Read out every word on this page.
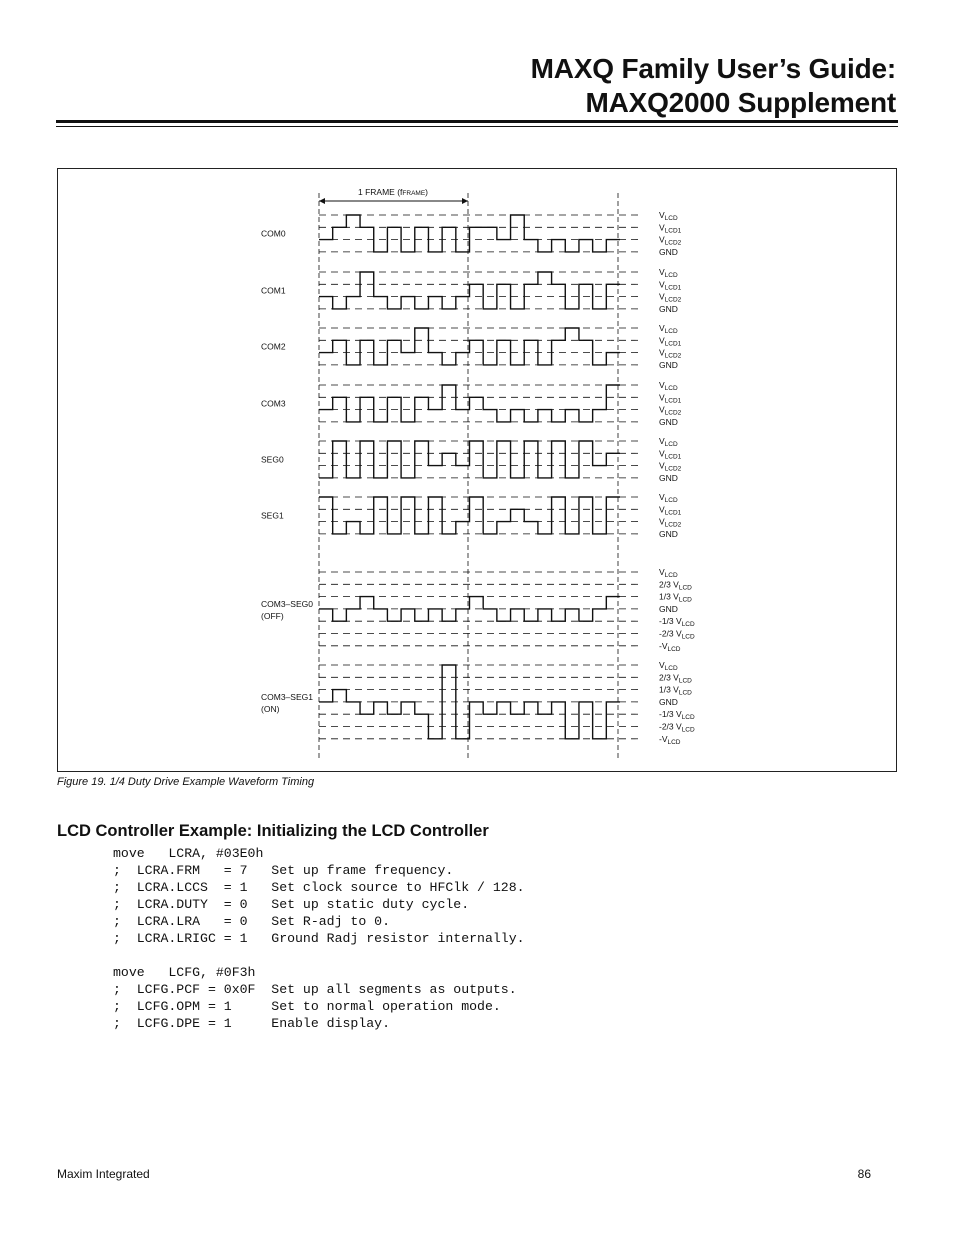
MAXQ Family User’s Guide:
MAXQ2000 Supplement
1 FRAME (fFRAME)
$V_{LCD}$
$V_{LCD1}$
$V_{LCD2}$
GND
COM0
$V_{LCD}$
$V_{LCD1}$
$V_{LCD2}$
GND
COM1
$V_{LCD}$
$V_{LCD1}$
$V_{LCD2}$
GND
COM2
$V_{LCD}$
$V_{LCD1}$
$V_{LCD2}$
GND
COM3
$V_{LCD}$
$V_{LCD1}$
$V_{LCD2}$
GND
SEG0
$V_{LCD}$
$V_{LCD1}$
$V_{LCD2}$
GND
SEG1
$V_{LCD}$
2/3 $V_{LCD}$
1/3 $V_{LCD}$
GND
-1/3 $V_{LCD}$
-2/3 $V_{LCD}$
$-V_{LCD}$
COM3–SEG0
(OFF)
$V_{LCD}$
2/3 $V_{LCD}$
1/3 $V_{LCD}$
GND
-1/3 $V_{LCD}$
-2/3 $V_{LCD}$
$-V_{LCD}$
COM3–SEG1
(ON)
Figure 19. 1/4 Duty Drive Example Waveform Timing
LCD Controller Example: Initializing the LCD Controller
move   LCRA, #03E0h
;  LCRA.FRM   = 7   Set up frame frequency.
;  LCRA.LCCS  = 1   Set clock source to HFClk / 128.
;  LCRA.DUTY  = 0   Set up static duty cycle.
;  LCRA.LRA   = 0   Set R-adj to 0.
;  LCRA.LRIGC = 1   Ground Radj resistor internally.
move   LCFG, #0F3h
;  LCFG.PCF = 0x0F  Set up all segments as outputs.
;  LCFG.OPM = 1     Set to normal operation mode.
;  LCFG.DPE = 1     Enable display.
Maxim Integrated	86
